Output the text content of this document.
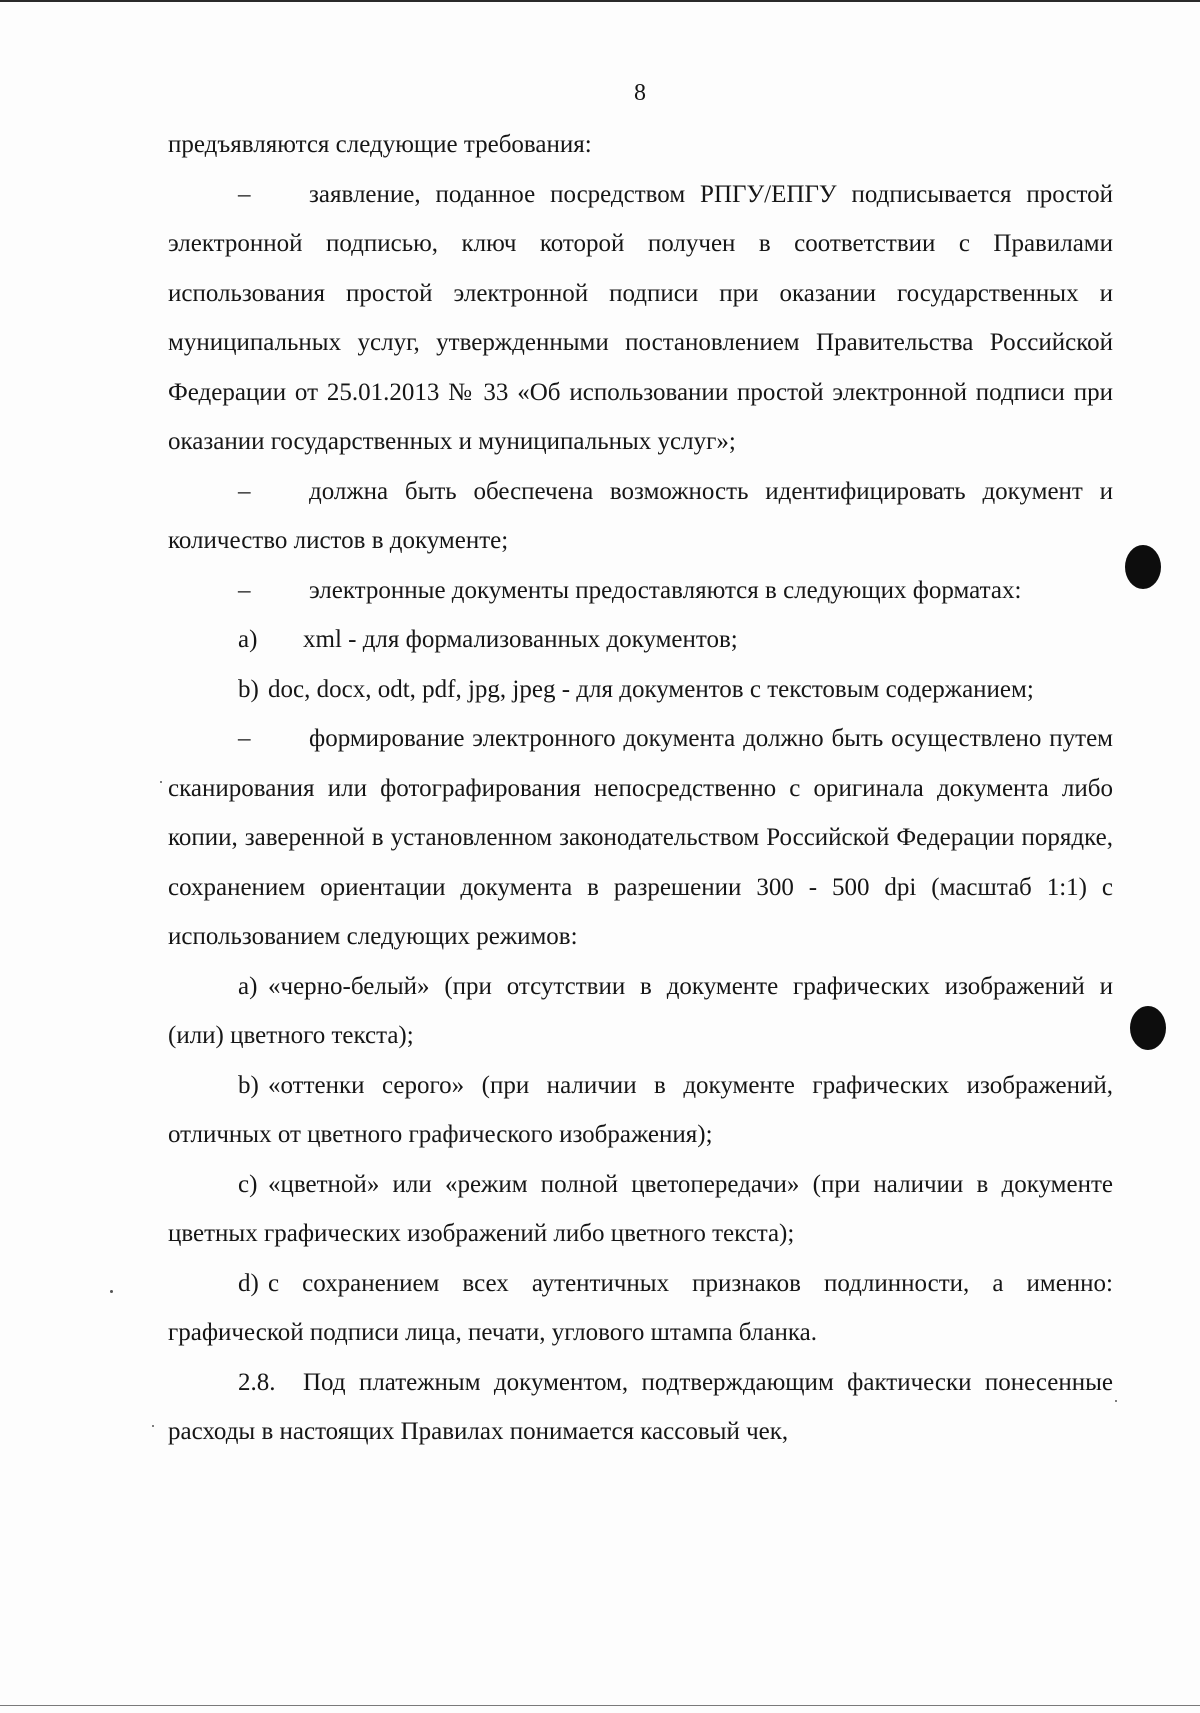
8

предъявляются следующие требования:

– заявление, поданное посредством РПГУ/ЕПГУ подписывается простой электронной подписью, ключ которой получен в соответствии с Правилами использования простой электронной подписи при оказании государственных и муниципальных услуг, утвержденными постановлением Правительства Российской Федерации от 25.01.2013 № 33 «Об использовании простой электронной подписи при оказании государственных и муниципальных услуг»;

– должна быть обеспечена возможность идентифицировать документ и количество листов в документе;

– электронные документы предоставляются в следующих форматах:

a) xml - для формализованных документов;

b) doc, docx, odt, pdf, jpg, jpeg - для документов с текстовым содержанием;

– формирование электронного документа должно быть осуществлено путем сканирования или фотографирования непосредственно с оригинала документа либо копии, заверенной в установленном законодательством Российской Федерации порядке, сохранением ориентации документа в разрешении 300 - 500 dpi (масштаб 1:1) с использованием следующих режимов:

a) «черно-белый» (при отсутствии в документе графических изображений и (или) цветного текста);

b) «оттенки серого» (при наличии в документе графических изображений, отличных от цветного графического изображения);

c) «цветной» или «режим полной цветопередачи» (при наличии в документе цветных графических изображений либо цветного текста);

d) с сохранением всех аутентичных признаков подлинности, а именно: графической подписи лица, печати, углового штампа бланка.

2.8. Под платежным документом, подтверждающим фактически понесенные расходы в настоящих Правилах понимается кассовый чек,
